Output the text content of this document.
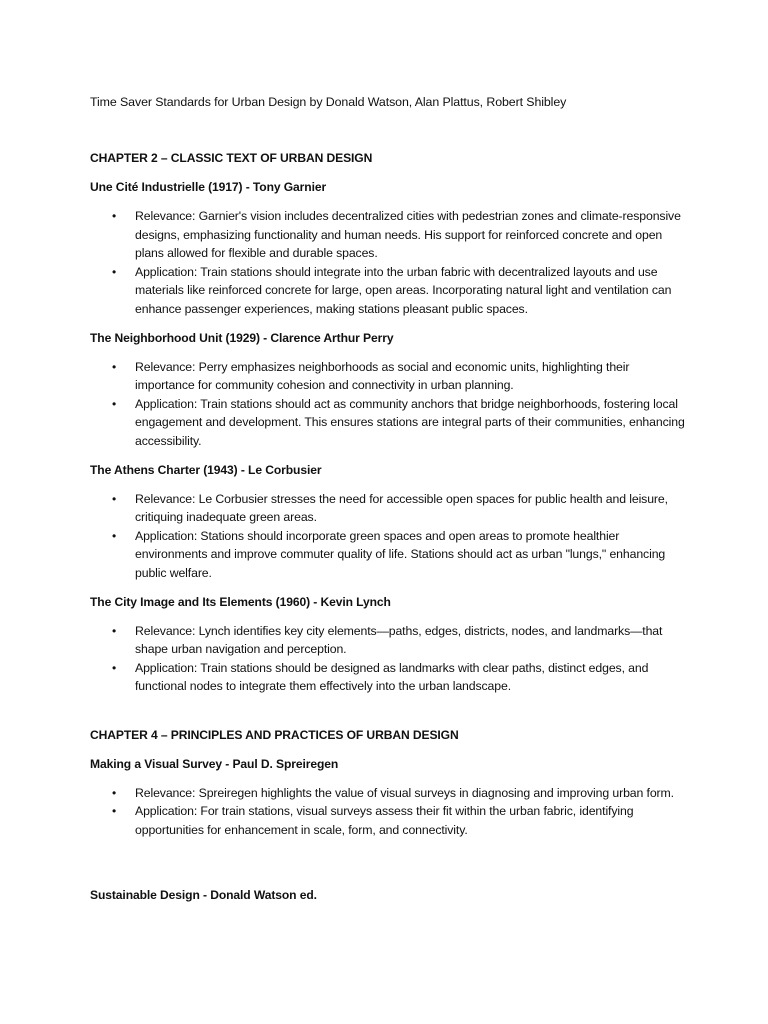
Time Saver Standards for Urban Design by Donald Watson, Alan Plattus, Robert Shibley

CHAPTER 2 – CLASSIC TEXT OF URBAN DESIGN

Une Cité Industrielle (1917) - Tony Garnier

• Relevance: Garnier's vision includes decentralized cities with pedestrian zones and climate-responsive designs, emphasizing functionality and human needs. His support for reinforced concrete and open plans allowed for flexible and durable spaces.
• Application: Train stations should integrate into the urban fabric with decentralized layouts and use materials like reinforced concrete for large, open areas. Incorporating natural light and ventilation can enhance passenger experiences, making stations pleasant public spaces.

The Neighborhood Unit (1929) - Clarence Arthur Perry

• Relevance: Perry emphasizes neighborhoods as social and economic units, highlighting their importance for community cohesion and connectivity in urban planning.
• Application: Train stations should act as community anchors that bridge neighborhoods, fostering local engagement and development. This ensures stations are integral parts of their communities, enhancing accessibility.

The Athens Charter (1943) - Le Corbusier

• Relevance: Le Corbusier stresses the need for accessible open spaces for public health and leisure, critiquing inadequate green areas.
• Application: Stations should incorporate green spaces and open areas to promote healthier environments and improve commuter quality of life. Stations should act as urban "lungs," enhancing public welfare.

The City Image and Its Elements (1960) - Kevin Lynch

• Relevance: Lynch identifies key city elements—paths, edges, districts, nodes, and landmarks—that shape urban navigation and perception.
• Application: Train stations should be designed as landmarks with clear paths, distinct edges, and functional nodes to integrate them effectively into the urban landscape.

CHAPTER 4 – PRINCIPLES AND PRACTICES OF URBAN DESIGN

Making a Visual Survey - Paul D. Spreiregen

• Relevance: Spreiregen highlights the value of visual surveys in diagnosing and improving urban form.
• Application: For train stations, visual surveys assess their fit within the urban fabric, identifying opportunities for enhancement in scale, form, and connectivity.

Sustainable Design - Donald Watson ed.
